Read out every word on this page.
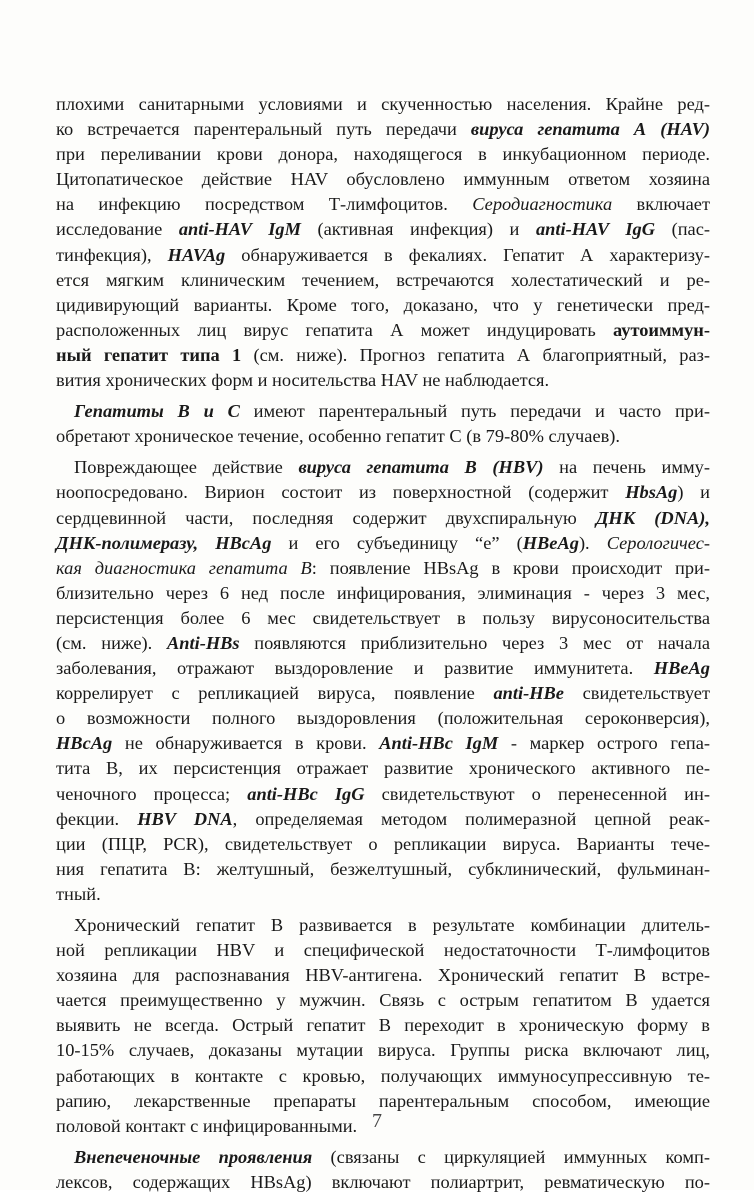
плохими санитарными условиями и скученностью населения. Крайне ред-
ко встречается парентеральный путь передачи вируса гепатита А (HAV)
при переливании крови донора, находящегося в инкубационном периоде.
Цитопатическое действие HAV обусловлено иммунным ответом хозяина
на инфекцию посредством Т-лимфоцитов. Серодиагностика включает
исследование anti-HAV IgM (активная инфекция) и anti-HAV IgG (пас-
тинфекция), HAVAg обнаруживается в фекалиях. Гепатит А характеризу-
ется мягким клиническим течением, встречаются холестатический и ре-
цидивирующий варианты. Кроме того, доказано, что у генетически пред-
расположенных лиц вирус гепатита А может индуцировать аутоиммун-
ный гепатит типа 1 (см. ниже). Прогноз гепатита А благоприятный, раз-
вития хронических форм и носительства HAV не наблюдается.
Гепатиты В и С имеют парентеральный путь передачи и часто при-
обретают хроническое течение, особенно гепатит С (в 79-80% случаев).
Повреждающее действие вируса гепатита В (HBV) на печень имму-
ноопосредовано. Вирион состоит из поверхностной (содержит HbsAg) и
сердцевинной части, последняя содержит двухспиральную ДНК (DNA),
ДНК-полимеразу, HBcAg и его субъединицу “е” (HBeAg). Серологичес-
кая диагностика гепатита В: появление HBsAg в крови происходит при-
близительно через 6 нед после инфицирования, элиминация - через 3 мес,
персистенция более 6 мес свидетельствует в пользу вирусоносительства
(см. ниже). Anti-HBs появляются приблизительно через 3 мес от начала
заболевания, отражают выздоровление и развитие иммунитета. HBeAg
коррелирует с репликацией вируса, появление anti-HBe свидетельствует
о возможности полного выздоровления (положительная сероконверсия),
HBcAg не обнаруживается в крови. Anti-HBc IgM - маркер острого гепа-
тита В, их персистенция отражает развитие хронического активного пе-
ченочного процесса; anti-HBc IgG свидетельствуют о перенесенной ин-
фекции. HBV DNA, определяемая методом полимеразной цепной реак-
ции (ПЦР, PCR), свидетельствует о репликации вируса. Варианты тече-
ния гепатита В: желтушный, безжелтушный, субклинический, фульминан-
тный.
Хронический гепатит В развивается в результате комбинации длитель-
ной репликации HBV и специфической недостаточности Т-лимфоцитов
хозяина для распознавания HBV-антигена. Хронический гепатит В встре-
чается преимущественно у мужчин. Связь с острым гепатитом В удается
выявить не всегда. Острый гепатит В переходит в хроническую форму в
10-15% случаев, доказаны мутации вируса. Группы риска включают лиц,
работающих в контакте с кровью, получающих иммуносупрессивную те-
рапию, лекарственные препараты парентеральным способом, имеющие
половой контакт с инфицированными.
Внепеченочные проявления (связаны с циркуляцией иммунных комп-
лексов, содержащих HBsAg) включают полиартрит, ревматическую по-
7
